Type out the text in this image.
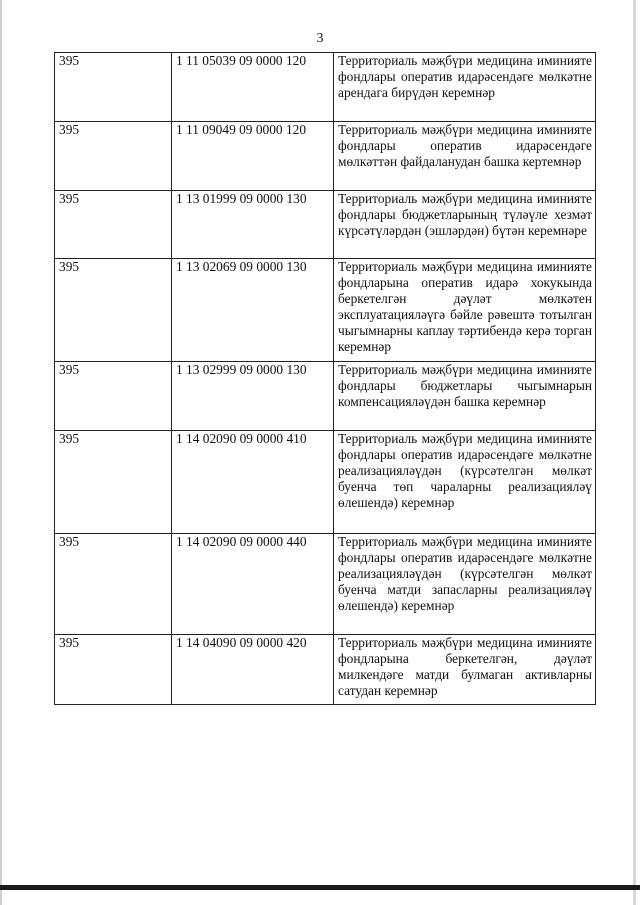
3
395	1 11 05039 09 0000 120	Территориаль мәҗбүри медицина иминияте фондлары оператив идарәсендәге мөлкәтне арендага бирүдән керемнәр
395	1 11 09049 09 0000 120	Территориаль мәҗбүри медицина иминияте фондлары оператив идарәсендәге мөлкәттән файдаланудан башка кертемнәр
395	1 13 01999 09 0000 130	Территориаль мәҗбүри медицина иминияте фондлары бюджетларының түләүле хезмәт күрсәтүләрдән (эшләрдән) бүтән керемнәре
395	1 13 02069 09 0000 130	Территориаль мәҗбүри медицина иминияте фондларына оператив идарә хокукында беркетелгән дәүләт мөлкәтен эксплуатацияләүгә бәйле рәвештә тотылган чыгымнарны каплау тәртибендә керә торган керемнәр
395	1 13 02999 09 0000 130	Территориаль мәҗбүри медицина иминияте фондлары бюджетлары чыгымнарын компенсацияләүдән башка керемнәр
395	1 14 02090 09 0000 410	Территориаль мәҗбүри медицина иминияте фондлары оператив идарәсендәге мөлкәтне реализацияләүдән (күрсәтелгән мөлкәт буенча төп чараларны реализацияләү өлешендә) керемнәр
395	1 14 02090 09 0000 440	Территориаль мәҗбүри медицина иминияте фондлары оператив идарәсендәге мөлкәтне реализацияләүдән (күрсәтелгән мөлкәт буенча матди запасларны реализацияләү өлешендә) керемнәр
395	1 14 04090 09 0000 420	Территориаль мәҗбүри медицина иминияте фондларына беркетелгән, дәүләт милкендәге матди булмаган активларны сатудан керемнәр
